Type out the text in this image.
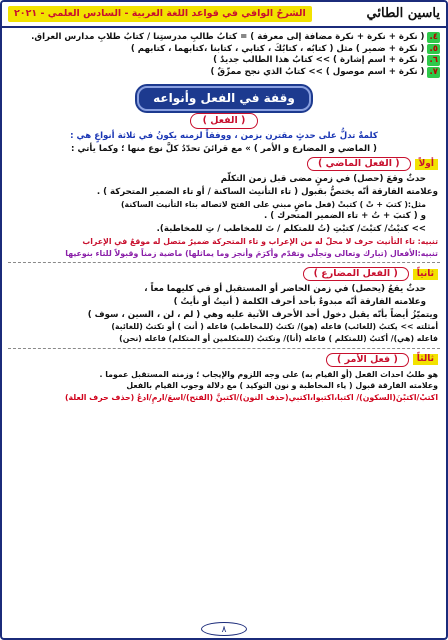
ياسين الطائي
الشرحُ الوافي في قواعد اللغة العربية - السادس العلمي - ٢٠٢١
٤.
( نكرة + نكرة + نكرة مضافة إلى معرفة ) = كتابُ طالبِ مدرستِنا / كتابُ طلابِ مدارس العراق.
٥.
( نكرة + ضمير ) مثل ( كتابُه ، كتابُكَ ، كتابي ، كتابنا ،كتابهما ، كتابهم )
٦.
( نكرة + اسم إشارة ) >> كتابُ هذا الطالب جديدٌ )
٧.
( نكرة + اسم موصول ) >> كتابُ الذي نجح ممزّقٌ )
وقفة في الفعل وأنواعه
( الفعل )

كلمةٌ تدلُّ على حدثٍ مقترن بزمن ، ووفقاً لزمنه يكونُ في ثلاثة أنواعٍ هي :

( الماضي و المضارع و الأمر ) » مع قرائنَ تحدّدُ كلَّ نوع منها ؛ وكما يأتي :

أولاً
( الفعل الماضي )

حدثٌ وقعَ (حصل) في زمنٍ مضى قبل زمن التكلّم

وعلامته الفارقة أنّه يختصُّ بقبول ( تاء التأنيث الساكنة / أو تاء الضمير المتحركة ) .

مثل:( كتبَ + تْ ) كتبتْ (فعل ماضٍ مبني على الفتح لاتصاله بتاء التأنيث الساكنة)

و ( كتبَ + تُ + تاء الضمير المتحرك ) .

>> كتبْتُ/ كتبْتَ/ كتبْتِ (تُ للمتكلم / تَ للمخاطب / تِ للمخاطبة).

تنبيه: تاء التأنيث حرف لا محلّ له من الإعراب و تاء المتحركة ضميرٌ متصل له موقعٌ في الإعراب

تنبيه:الأفعال (تبارك وتعالى وتجلّى وتقدّم وأكرَمَ وأنجز وما يماثلها) ماضية زمناً وقبولاً للتاء بنوعيها

ثانياً
( الفعل المضارع )

حدثٌ يقعُ (يحصل) في زمن الحاضر أو المستقبل أو في كليهما معاً ،

وعلامته الفارقة أنّه مبدوءٌ بأحد أحرف الكلمة ( أنيتُ أو نأيتُ )

ويتميّزُ أيضاً بأنّه يقبل دخول أحد الأحرف الآتية عليه وهي ( لم ، لن ، السين ، سوف )

أمثلته >> يكتبُ (للغائب) فاعله (هو)/ تكتبُ (للمخاطب) فاعله ( أنت ) أو تكتبُ (للغائبة)

فاعله (هي)/ أكتبُ (للمتكلم ) فاعله (أنا)/ ونكتبُ (للمتكلمين أو المتكلم) فاعله (نحن)

ثالثاً
( فعل الأمر )

هو طلبُ احداث الفعل (أو القيام به) على وجه اللزوم والإيجاب ؛ وزمنه المستقبل عموما .

وعلامته الفارقة قبول ( ياء المخاطبة و نون التوكيد ) مع دلالة وجوب القيام بالفعل

اكتبْ/اكتبْنَ(السكون)/ اكتبا،اكتبوا،اكتبي(حذف النون)/اكتبنَّ (الفتح)/اسعَ/ارمِ/ادعُ (حذف حرف العلة)

٨
